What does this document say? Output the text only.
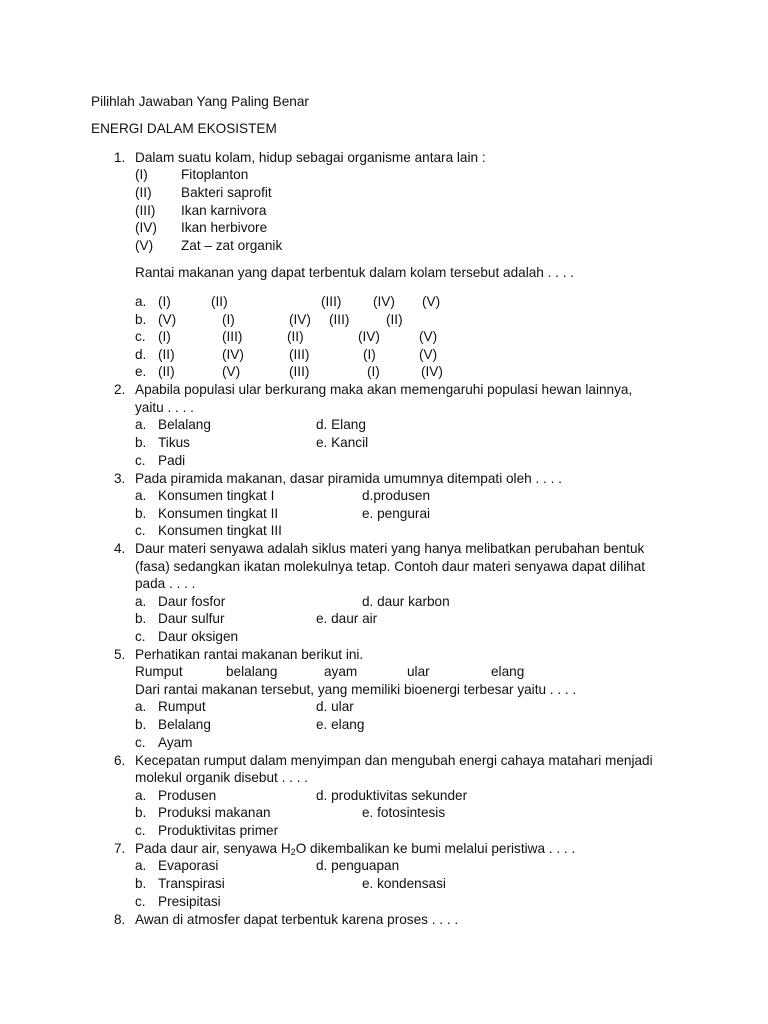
Pilihlah Jawaban Yang Paling Benar
ENERGI DALAM EKOSISTEM
1. Dalam suatu kolam, hidup sebagai organisme antara lain :
(I) Fitoplanton
(II) Bakteri saprofit
(III) Ikan karnivora
(IV) Ikan herbivore
(V) Zat – zat organik
Rantai makanan yang dapat terbentuk dalam kolam tersebut adalah . . . .
a. (I)	(II)	(III) (IV) (V)
b. (V)	(I)	(IV) (III)	(II)
c. (I)	(III)	(II)	(IV)	(V)
d. (II)	(IV)	(III)	(I)	(V)
e. (II)	(V)	(III)	(I)	(IV)
2. Apabila populasi ular berkurang maka akan memengaruhi populasi hewan lainnya,
yaitu . . . .
a. Belalang	d. Elang
b. Tikus	e. Kancil
c. Padi
3. Pada piramida makanan, dasar piramida umumnya ditempati oleh . . . .
a. Konsumen tingkat I	d.produsen
b. Konsumen tingkat II	e. pengurai
c. Konsumen tingkat III
4. Daur materi senyawa adalah siklus materi yang hanya melibatkan perubahan bentuk
(fasa) sedangkan ikatan molekulnya tetap. Contoh daur materi senyawa dapat dilihat
pada . . . .
a. Daur fosfor	d. daur karbon
b. Daur sulfur	e. daur air
c. Daur oksigen
5. Perhatikan rantai makanan berikut ini.
Rumput	belalang	ayam	ular	elang
Dari rantai makanan tersebut, yang memiliki bioenergi terbesar yaitu . . . .
a. Rumput	d. ular
b. Belalang	e. elang
c. Ayam
6. Kecepatan rumput dalam menyimpan dan mengubah energi cahaya matahari menjadi
molekul organik disebut . . . .
a. Produsen	d. produktivitas sekunder
b. Produksi makanan	e. fotosintesis
c. Produktivitas primer
7. Pada daur air, senyawa $H_2O$ dikembalikan ke bumi melalui peristiwa . . . .
a. Evaporasi	d. penguapan
b. Transpirasi	e. kondensasi
c. Presipitasi
8. Awan di atmosfer dapat terbentuk karena proses . . . .
